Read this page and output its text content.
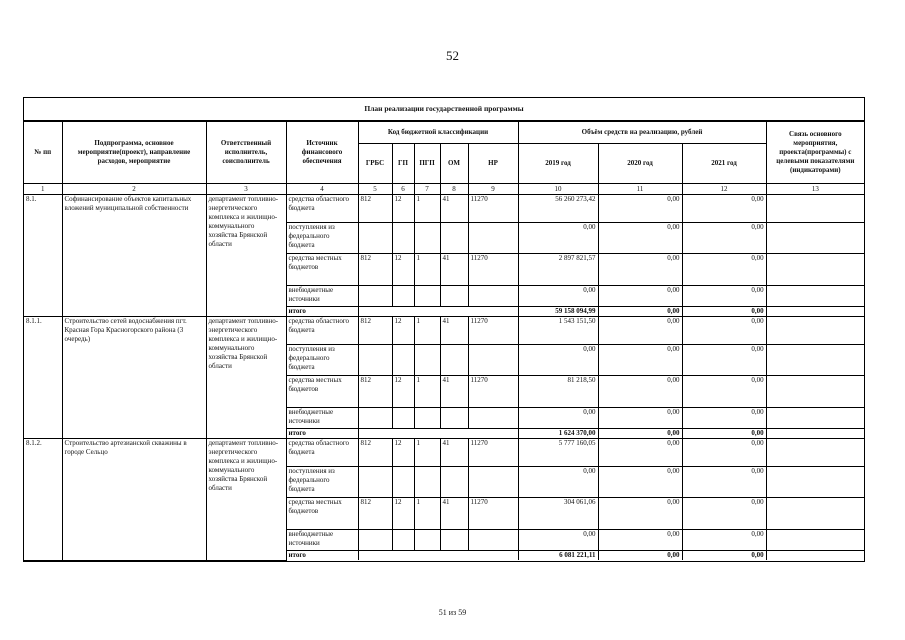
52
План реализации государственной программы
№ пп	Подпрограмма, основное мероприятие(проект), направление расходов, мероприятие	Ответственный исполнитель, соисполнитель	Источник финансового обеспечения	Код бюджетной классификации					Объём средств на реализацию, рублей			Связь основного мероприятия, проекта(программы) с целевыми показателями (индикаторами)
				ГРБС	ГП	ПГП	ОМ	НР	2019 год	2020 год	2021 год	
1	2	3	4	5	6	7	8	9	10	11	12	13
8.1.	Софинансирование объектов капитальных вложений муниципальной собственности	департамент топливно-энергетического комплекса и жилищно-коммунального хозяйства Брянской области	средства областного бюджета	812	12	1	41	11270	56 260 273,42	0,00	0,00	
			поступления из федерального бюджета						0,00	0,00	0,00	
			средства местных бюджетов	812	12	1	41	11270	2 897 821,57	0,00	0,00	
			внебюджетные источники						0,00	0,00	0,00	
			итого						59 158 094,99	0,00	0,00	
8.1.1.	Строительство сетей водоснабжения пгт. Красная Гора Красногорского района (3 очередь)	департамент топливно-энергетического комплекса и жилищно-коммунального хозяйства Брянской области	средства областного бюджета	812	12	1	41	11270	1 543 151,50	0,00	0,00	
			поступления из федерального бюджета						0,00	0,00	0,00	
			средства местных бюджетов	812	12	1	41	11270	81 218,50	0,00	0,00	
			внебюджетные источники						0,00	0,00	0,00	
			итого						1 624 370,00	0,00	0,00	
8.1.2.	Строительство артезианской скважины в городе Сельцо	департамент топливно-энергетического комплекса и жилищно-коммунального хозяйства Брянской области	средства областного бюджета	812	12	1	41	11270	5 777 160,05	0,00	0,00	
			поступления из федерального бюджета						0,00	0,00	0,00	
			средства местных бюджетов	812	12	1	41	11270	304 061,06	0,00	0,00	
			внебюджетные источники						0,00	0,00	0,00	
			итого						6 081 221,11	0,00	0,00	
51 из 59
